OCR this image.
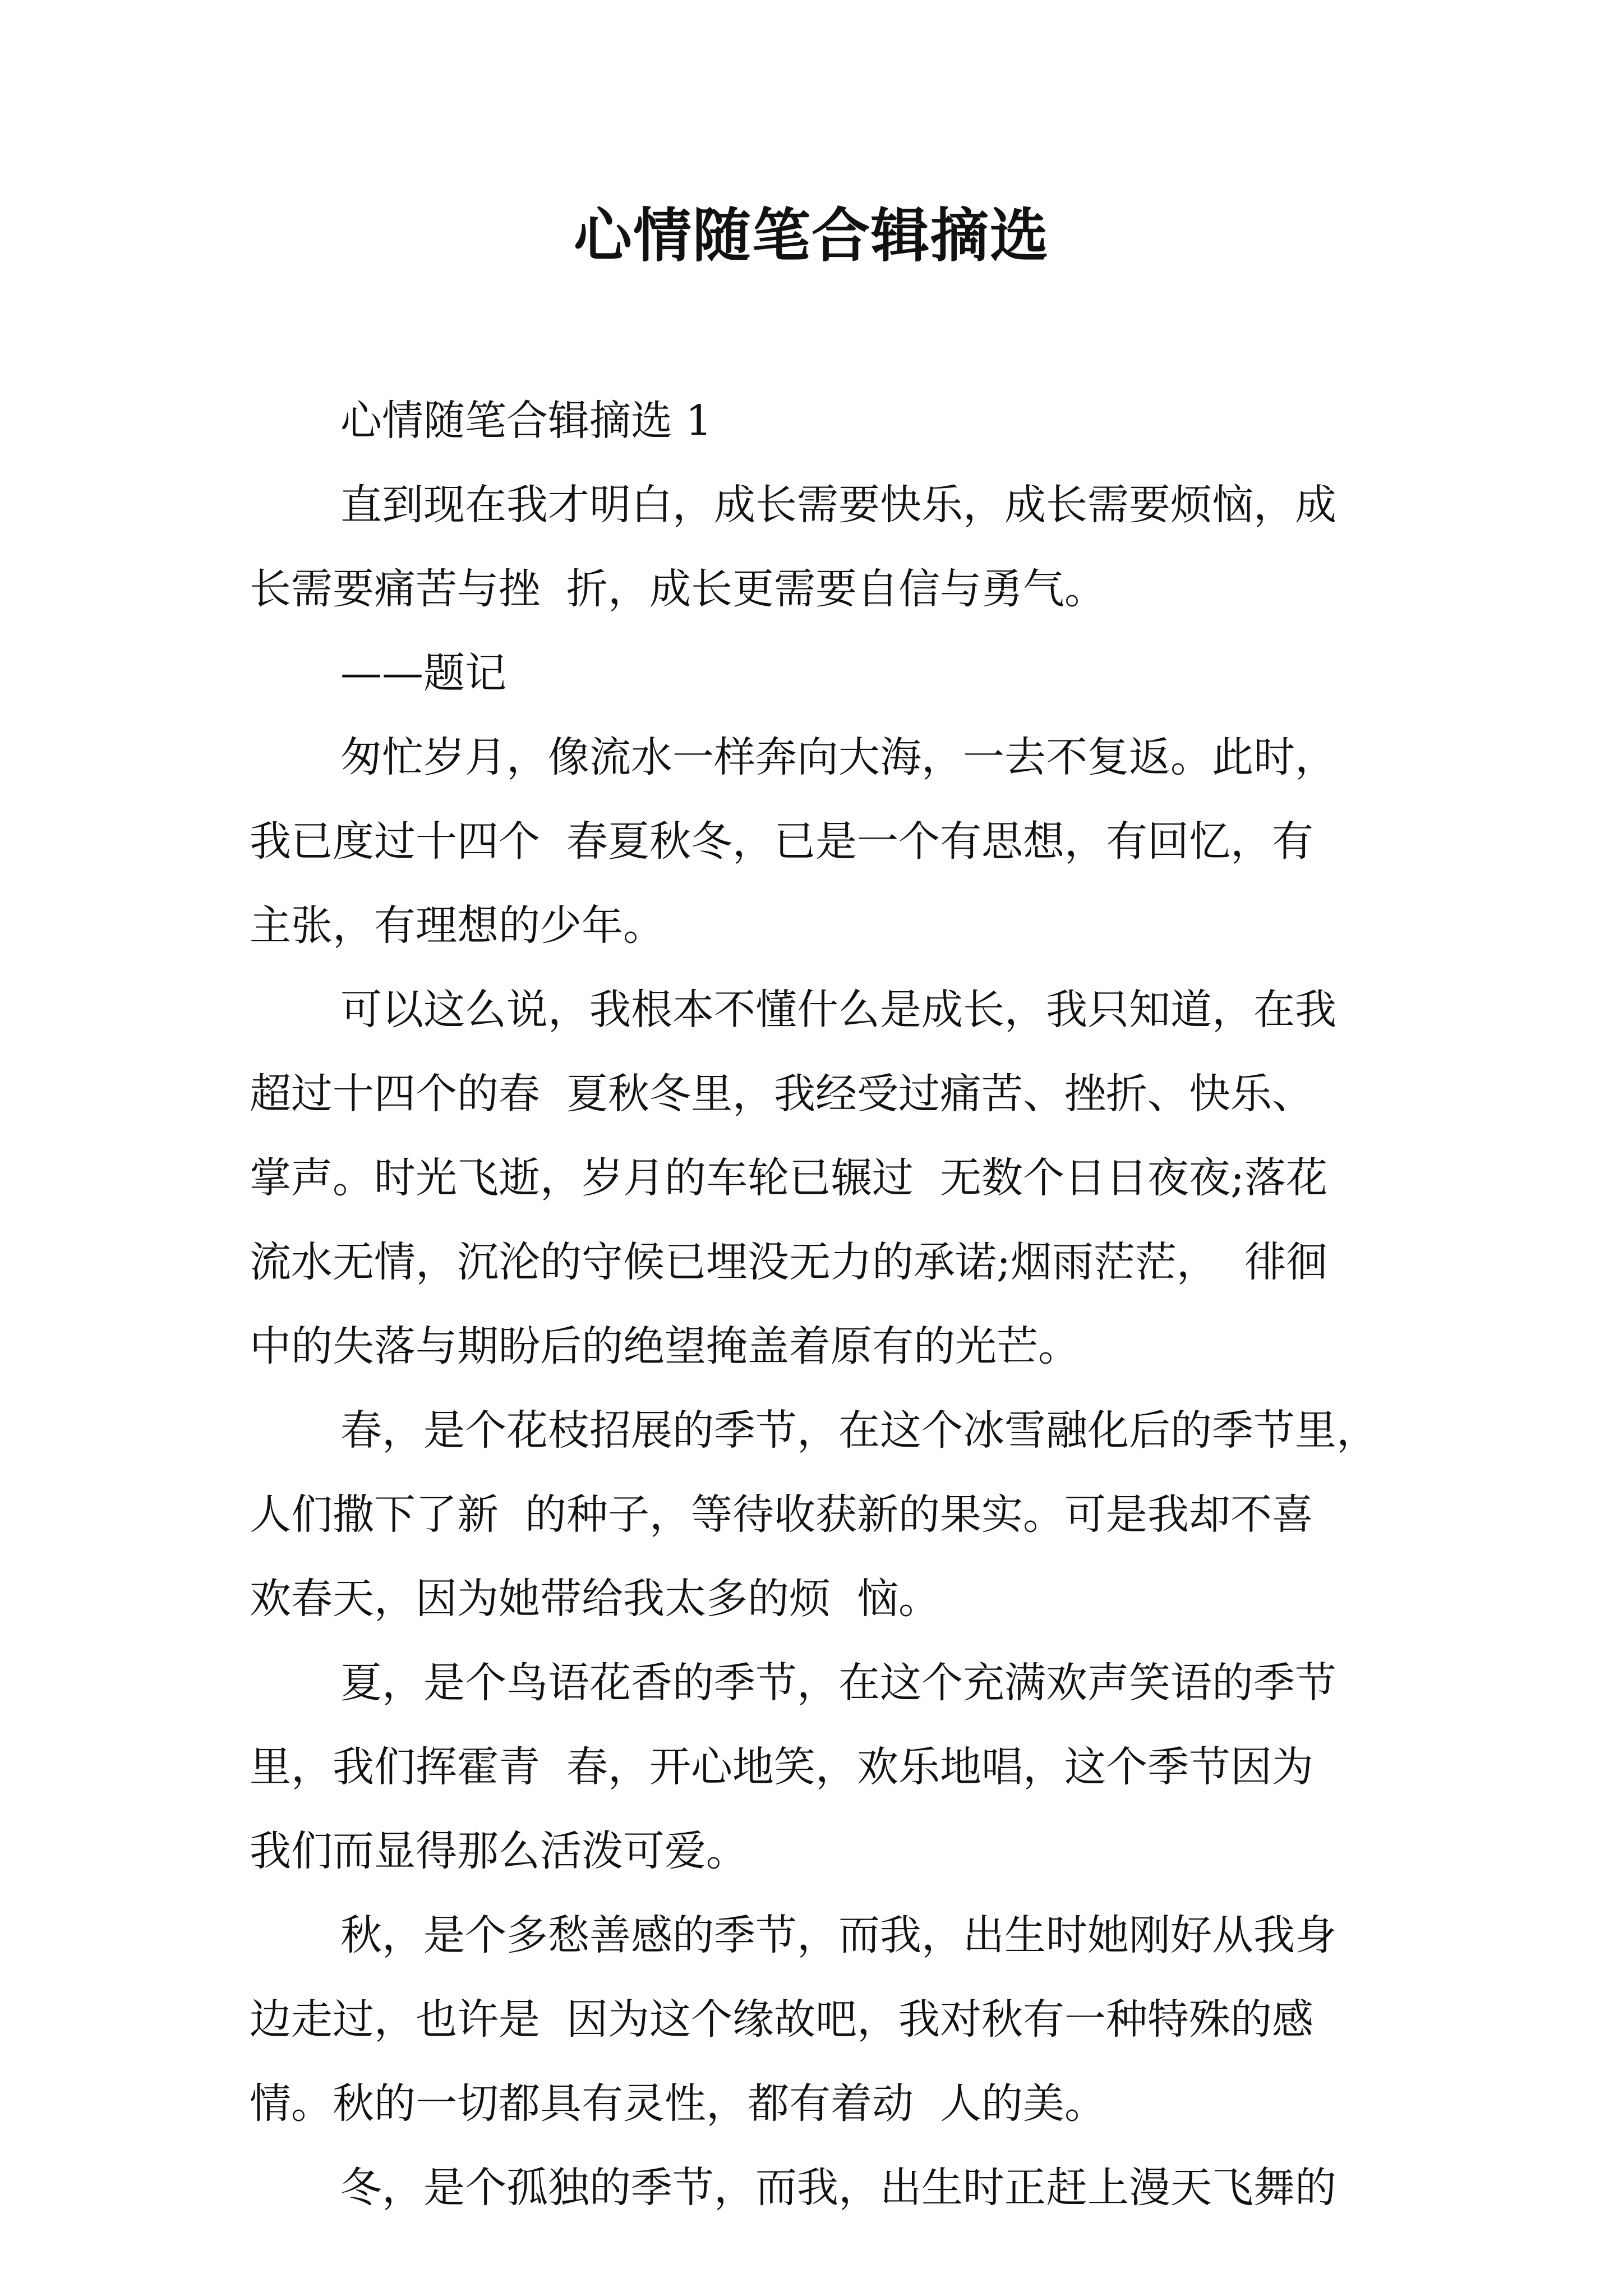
心情随笔合辑摘选

心情随笔合辑摘选 1

直到现在我才明白，成长需要快乐，成长需要烦恼，成

长需要痛苦与挫  折，成长更需要自信与勇气。

——题记

匆忙岁月，像流水一样奔向大海，一去不复返。此时，

我已度过十四个  春夏秋冬，已是一个有思想，有回忆，有

主张，有理想的少年。

可以这么说，我根本不懂什么是成长，我只知道，在我

超过十四个的春  夏秋冬里，我经受过痛苦、挫折、快乐、

掌声。时光飞逝，岁月的车轮已辗过  无数个日日夜夜;落花

流水无情，沉沦的守候已埋没无力的承诺;烟雨茫茫，  徘徊

中的失落与期盼后的绝望掩盖着原有的光芒。

春，是个花枝招展的季节，在这个冰雪融化后的季节里，

人们撒下了新  的种子，等待收获新的果实。可是我却不喜

欢春天，因为她带给我太多的烦  恼。

夏，是个鸟语花香的季节，在这个充满欢声笑语的季节

里，我们挥霍青  春，开心地笑，欢乐地唱，这个季节因为

我们而显得那么活泼可爱。

秋，是个多愁善感的季节，而我，出生时她刚好从我身

边走过，也许是  因为这个缘故吧，我对秋有一种特殊的感

情。秋的一切都具有灵性，都有着动  人的美。

冬，是个孤独的季节，而我，出生时正赶上漫天飞舞的
